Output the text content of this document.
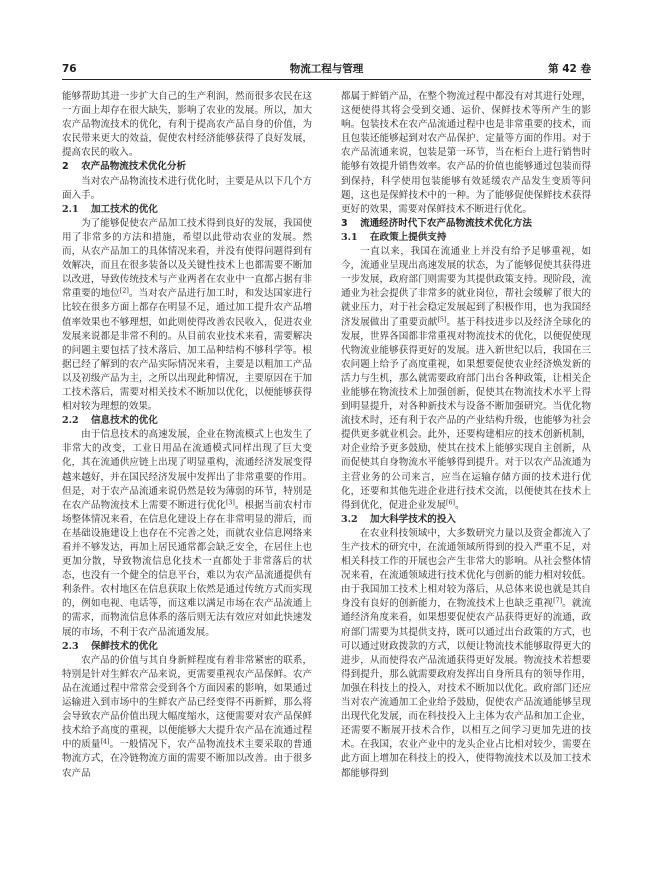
76	物流工程与管理	第 42 卷

能够帮助其进一步扩大自己的生产利润，然而很多农民在这一方面上却存在很大缺失，影响了农业的发展。所以，加大农产品物流技术的优化，有利于提高农产品自身的价值，为农民带来更大的效益，促使农村经济能够获得了良好发展，提高农民的收入。

2 农产品物流技术优化分析

当对农产品物流技术进行优化时，主要是从以下几个方面入手。

2.1 加工技术的优化

为了能够促使农产品加工技术得到良好的发展，我国使用了非常多的方法和措施，希望以此带动农业的发展。然而，从农产品加工的具体情况来看，并没有使得问题得到有效解决，而且在很多装备以及关键性技术上也都需要不断加以改进，导致传统技术与产业两者在农业中一直都占据有非常重要的地位[2]。当对农产品进行加工时，和发达国家进行比较在很多方面上都存在明显不足，通过加工提升农产品增值率效果也不够理想，如此则使得改善农民收入，促进农业发展来说都是非常不利的。从目前农业技术来看，需要解决的问题主要包括了技术落后、加工品种结构不够科学等。根据已经了解到的农产品实际情况来看，主要是以粗加工产品以及初级产品为主，之所以出现此种情况，主要原因在于加工技术落后，需要对相关技术不断加以优化，以便能够获得相对较为理想的效果。

2.2 信息技术的优化

由于信息技术的高速发展，企业在物流模式上也发生了非常大的改变，工业日用品在流通模式同样出现了巨大变化，其在流通供应链上出现了明显重构，流通经济发展变得越来越好，并在国民经济发展中发挥出了非常重要的作用。但是，对于农产品流通来说仍然是较为薄弱的环节，特别是在农产品物流技术上需要不断进行优化[3]。根据当前农村市场整体情况来看，在信息化建设上存在非常明显的滞后，而在基础设施建设上也存在不完善之处，而就农业信息网络来看并不够发达，再加上居民通常都会缺乏安全，在居住上也更加分散，导致物流信息化技术一直都处于非常落后的状态，也没有一个健全的信息平台，难以为农产品流通提供有利条件。农村地区在信息获取上依然是通过传统方式而实现的，例如电视、电话等，而这难以满足市场在农产品流通上的需求，而物流信息体系的落后则无法有效应对如此快速发展的市场，不利于农产品流通发展。

2.3 保鲜技术的优化

农产品的价值与其自身新鲜程度有着非常紧密的联系，特别是针对生鲜农产品来说，更需要重视农产品保鲜。农产品在流通过程中常常会受到各个方面因素的影响，如果通过运输进入到市场中的生鲜农产品已经变得不再新鲜，那么将会导致农产品价值出现大幅度缩水，这便需要对农产品保鲜技术给予高度的重视，以便能够大大提升农产品在流通过程中的质量[4]。一般情况下，农产品物流技术主要采取的普通物流方式，在冷链物流方面的需要不断加以改善。由于很多农产品

都属于鲜销产品，在整个物流过程中都没有对其进行处理，这便使得其将会受到交通、运价、保鲜技术等所产生的影响。包装技术在农产品流通过程中也是非常重要的技术，而且包装还能够起到对农产品保护、定量等方面的作用。对于农产品流通来说，包装是第一环节，当在柜台上进行销售时能够有效提升销售效率。农产品的价值也能够通过包装而得到保持，科学使用包装能够有效延缓农产品发生变质等问题，这也是保鲜技术中的一种。为了能够促使保鲜技术获得更好的效果，需要对保鲜技术不断进行优化。

3 流通经济时代下农产品物流技术优化方法
3.1 在政策上提供支持

一直以来，我国在流通业上并没有给予足够重视，如今，流通业呈现出高速发展的状态，为了能够促使其获得进一步发展，政府部门则需要为其提供政策支持。现阶段，流通业为社会提供了非常多的就业岗位，帮社会缓解了很大的就业压力，对于社会稳定发展起到了积极作用，也为我国经济发展做出了重要贡献[5]。基于科技进步以及经济全球化的发展，世界各国都非常重视对物流技术的优化，以便促使现代物流业能够获得更好的发展。进入新世纪以后，我国在三农问题上给予了高度重视，如果想要促使农业经济焕发新的活力与生机，那么就需要政府部门出台各种政策，让相关企业能够在物流技术上加强创新，促使其在物流技术水平上得到明显提升，对各种新技术与设备不断加强研究。当优化物流技术时，还有利于农产品的产业结构升级，也能够为社会提供更多就业机会。此外，还要构建相应的技术创新机制，对企业给予更多鼓励，使其在技术上能够实现自主创新，从而促使其自身物流水平能够得到提升。对于以农产品流通为主营业务的公司来言，应当在运输存储方面的技术进行优化，还要和其他先进企业进行技术交流，以便使其在技术上得到优化，促进企业发展[6]。

3.2 加大科学技术的投入

在农业科技领域中，大多数研究力量以及资金都流入了生产技术的研究中，在流通领域所得到的投入严重不足，对相关科技工作的开展也会产生非常大的影响。从社会整体情况来看，在流通领域进行技术优化与创新的能力相对较低。由于我国加工技术上相对较为落后，从总体来说也就是其自身没有良好的创新能力，在物流技术上也缺乏重视[7]。就流通经济角度来看，如果想要促使农产品获得更好的流通，政府部门需要为其提供支持，既可以通过出台政策的方式，也可以通过财政拨款的方式，以便让物流技术能够取得更大的进步，从而使得农产品流通获得更好发展。物流技术若想要得到提升，那么就需要政府发挥出自身所具有的领导作用，加强在科技上的投入，对技术不断加以优化。政府部门还应当对农产流通加工企业给予鼓励，促使农产品流通能够呈现出现代化发展，而在科技投入上主体为农产品和加工企业，还需要不断展开技术合作，以相互之间学习更加先进的技术。在我国，农业产业中的龙头企业占比相对较少，需要在此方面上增加在科技上的投入，使得物流技术以及加工技术都能够得到
